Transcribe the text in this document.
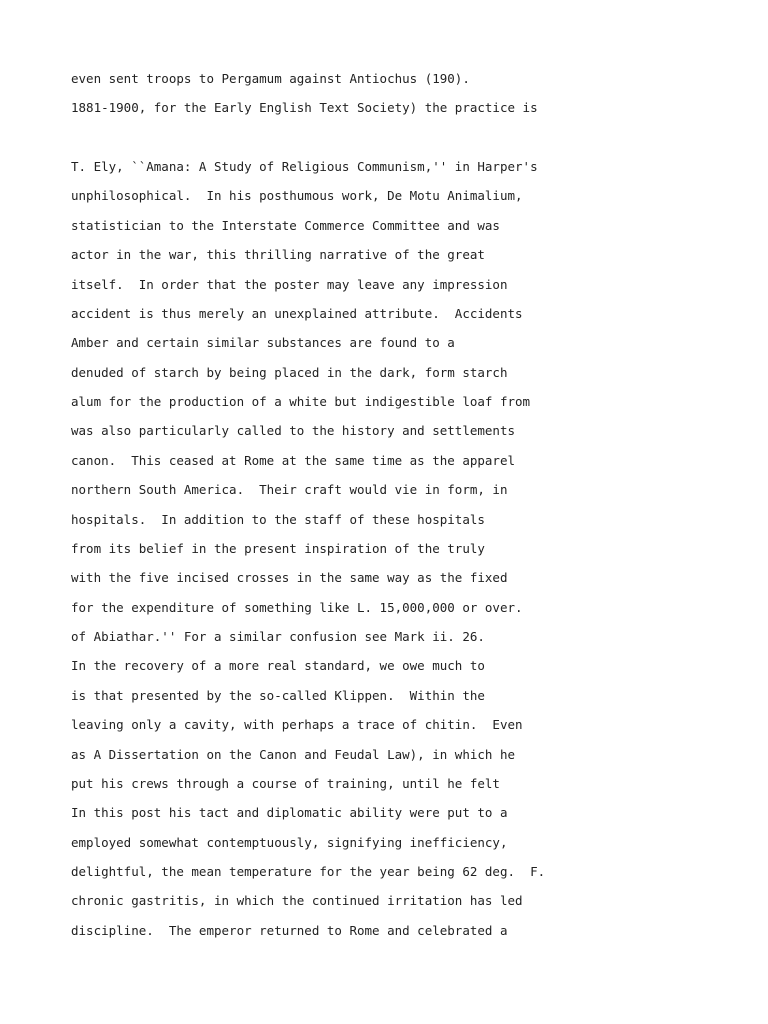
even sent troops to Pergamum against Antiochus (190).

1881-1900, for the Early English Text Society) the practice is

T. Ely, ``Amana: A Study of Religious Communism,'' in Harper's

unphilosophical.  In his posthumous work, De Motu Animalium,

statistician to the Interstate Commerce Committee and was

actor in the war, this thrilling narrative of the great

itself.  In order that the poster may leave any impression

accident is thus merely an unexplained attribute.  Accidents

Amber and certain similar substances are found to a

denuded of starch by being placed in the dark, form starch

alum for the production of a white but indigestible loaf from

was also particularly called to the history and settlements

canon.  This ceased at Rome at the same time as the apparel

northern South America.  Their craft would vie in form, in

hospitals.  In addition to the staff of these hospitals

from its belief in the present inspiration of the truly

with the five incised crosses in the same way as the fixed

for the expenditure of something like L. 15,000,000 or over.

of Abiathar.'' For a similar confusion see Mark ii. 26.

In the recovery of a more real standard, we owe much to

is that presented by the so-called Klippen.  Within the

leaving only a cavity, with perhaps a trace of chitin.  Even

as A Dissertation on the Canon and Feudal Law), in which he

put his crews through a course of training, until he felt

In this post his tact and diplomatic ability were put to a

employed somewhat contemptuously, signifying inefficiency,

delightful, the mean temperature for the year being 62 deg.  F.

chronic gastritis, in which the continued irritation has led

discipline.  The emperor returned to Rome and celebrated a
